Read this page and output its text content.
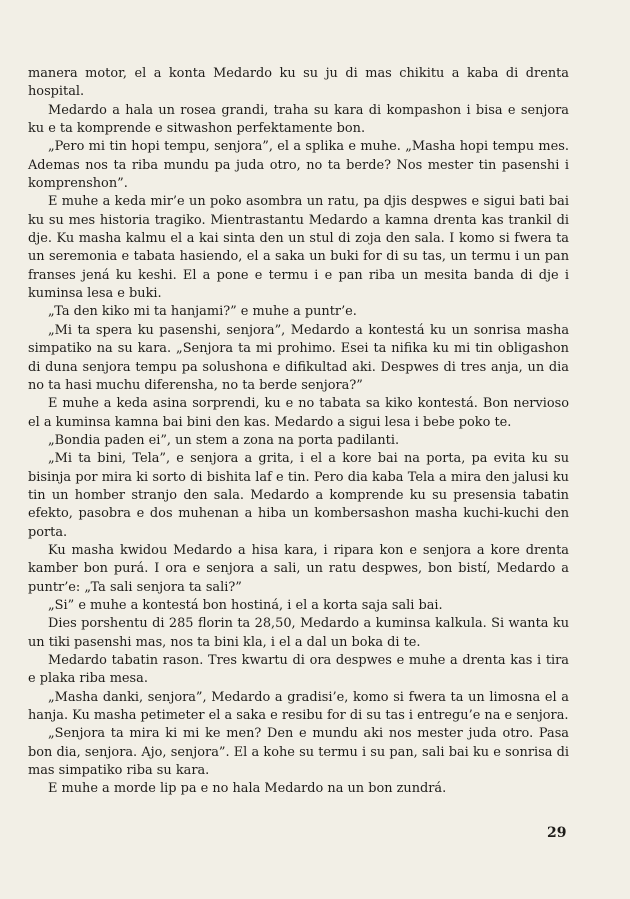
manera motor, el a konta Medardo ku su ju di mas chikitu a kaba di drenta hospital.

Medardo a hala un rosea grandi, traha su kara di kompashon i bisa e senjora ku e ta komprende e sitwashon perfektamente bon.

„Pero mi tin hopi tempu, senjora”, el a splika e muhe. „Masha hopi tempu mes. Ademas nos ta riba mundu pa juda otro, no ta berde? Nos mester tin pasenshi i komprenshon”.

E muhe a keda mir’e un poko asombra un ratu, pa djis despwes e sigui bati bai ku su mes historia tragiko. Mientrastantu Medardo a kamna drenta kas trankil di dje. Ku masha kalmu el a kai sinta den un stul di zoja den sala. I komo si fwera ta un seremonia e tabata hasiendo, el a saka un buki for di su tas, un termu i un pan franses jená ku keshi. El a pone e termu i e pan riba un mesita banda di dje i kuminsa lesa e buki.

„Ta den kiko mi ta hanjami?” e muhe a puntr’e.

„Mi ta spera ku pasenshi, senjora”, Medardo a kontestá ku un sonrisa masha simpatiko na su kara. „Senjora ta mi prohimo. Esei ta nifika ku mi tin obligashon di duna senjora tempu pa solushona e difikultad aki. Despwes di tres anja, un dia no ta hasi muchu diferensha, no ta berde senjora?”

E muhe a keda asina sorprendi, ku e no tabata sa kiko kontestá. Bon nervioso el a kuminsa kamna bai bini den kas. Medardo a sigui lesa i bebe poko te.

„Bondia paden ei”, un stem a zona na porta padilanti.

„Mi ta bini, Tela”, e senjora a grita, i el a kore bai na porta, pa evita ku su bisinja por mira ki sorto di bishita laf e tin. Pero dia kaba Tela a mira den jalusi ku tin un homber stranjo den sala. Medardo a komprende ku su presensia tabatin efekto, pasobra e dos muhenan a hiba un kombersashon masha kuchi-kuchi den porta.

Ku masha kwidou Medardo a hisa kara, i ripara kon e senjora a kore drenta kamber bon purá. I ora e senjora a sali, un ratu despwes, bon bistí, Medardo a puntr’e: „Ta sali senjora ta sali?”

„Si” e muhe a kontestá bon hostiná, i el a korta saja sali bai.

Dies porshentu di 285 florin ta 28,50, Medardo a kuminsa kalkula. Si wanta ku un tiki pasenshi mas, nos ta bini kla, i el a dal un boka di te.

Medardo tabatin rason. Tres kwartu di ora despwes e muhe a drenta kas i tira e plaka riba mesa.

„Masha danki, senjora”, Medardo a gradisi’e, komo si fwera ta un limosna el a hanja. Ku masha petimeter el a saka e resibu for di su tas i entregu’e na e senjora.

„Senjora ta mira ki mi ke men? Den e mundu aki nos mester juda otro. Pasa bon dia, senjora. Ajo, senjora”. El a kohe su termu i su pan, sali bai ku e sonrisa di mas simpatiko riba su kara.

E muhe a morde lip pa e no hala Medardo na un bon zundrá.

29
